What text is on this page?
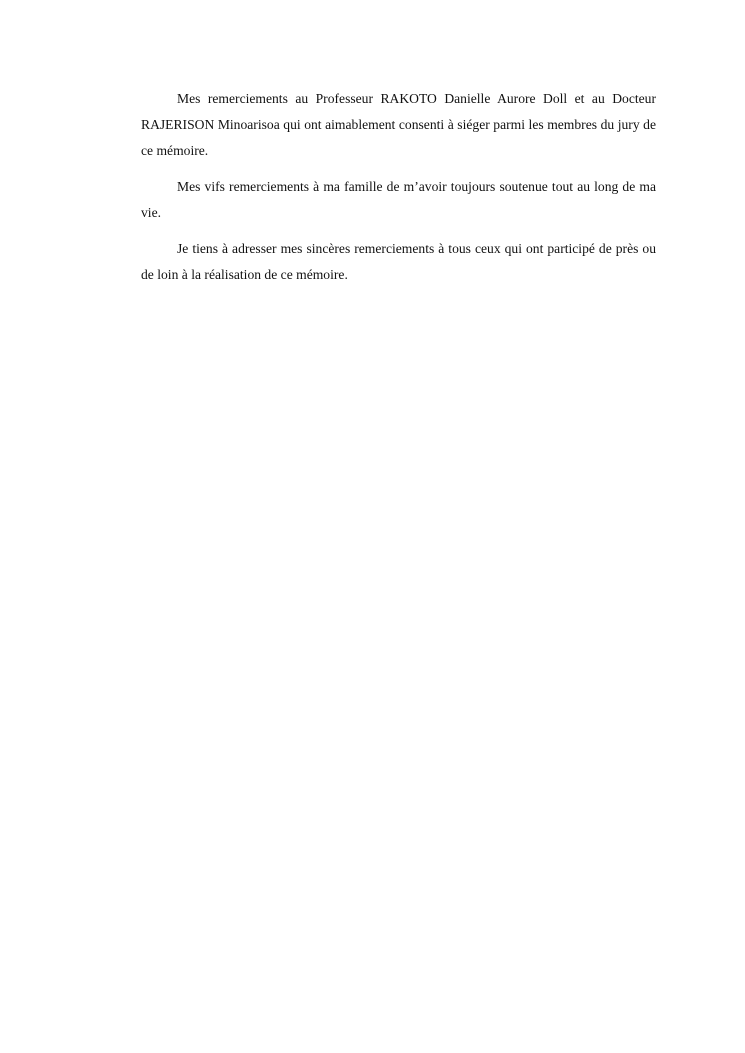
Mes remerciements au Professeur RAKOTO Danielle Aurore Doll et au Docteur RAJERISON Minoarisoa qui ont aimablement consenti à siéger parmi les membres du jury de ce mémoire.

Mes vifs remerciements à ma famille de m’avoir toujours soutenue tout au long de ma vie.

Je tiens à adresser mes sincères remerciements à tous ceux qui ont participé de près ou de loin à la réalisation de ce mémoire.
